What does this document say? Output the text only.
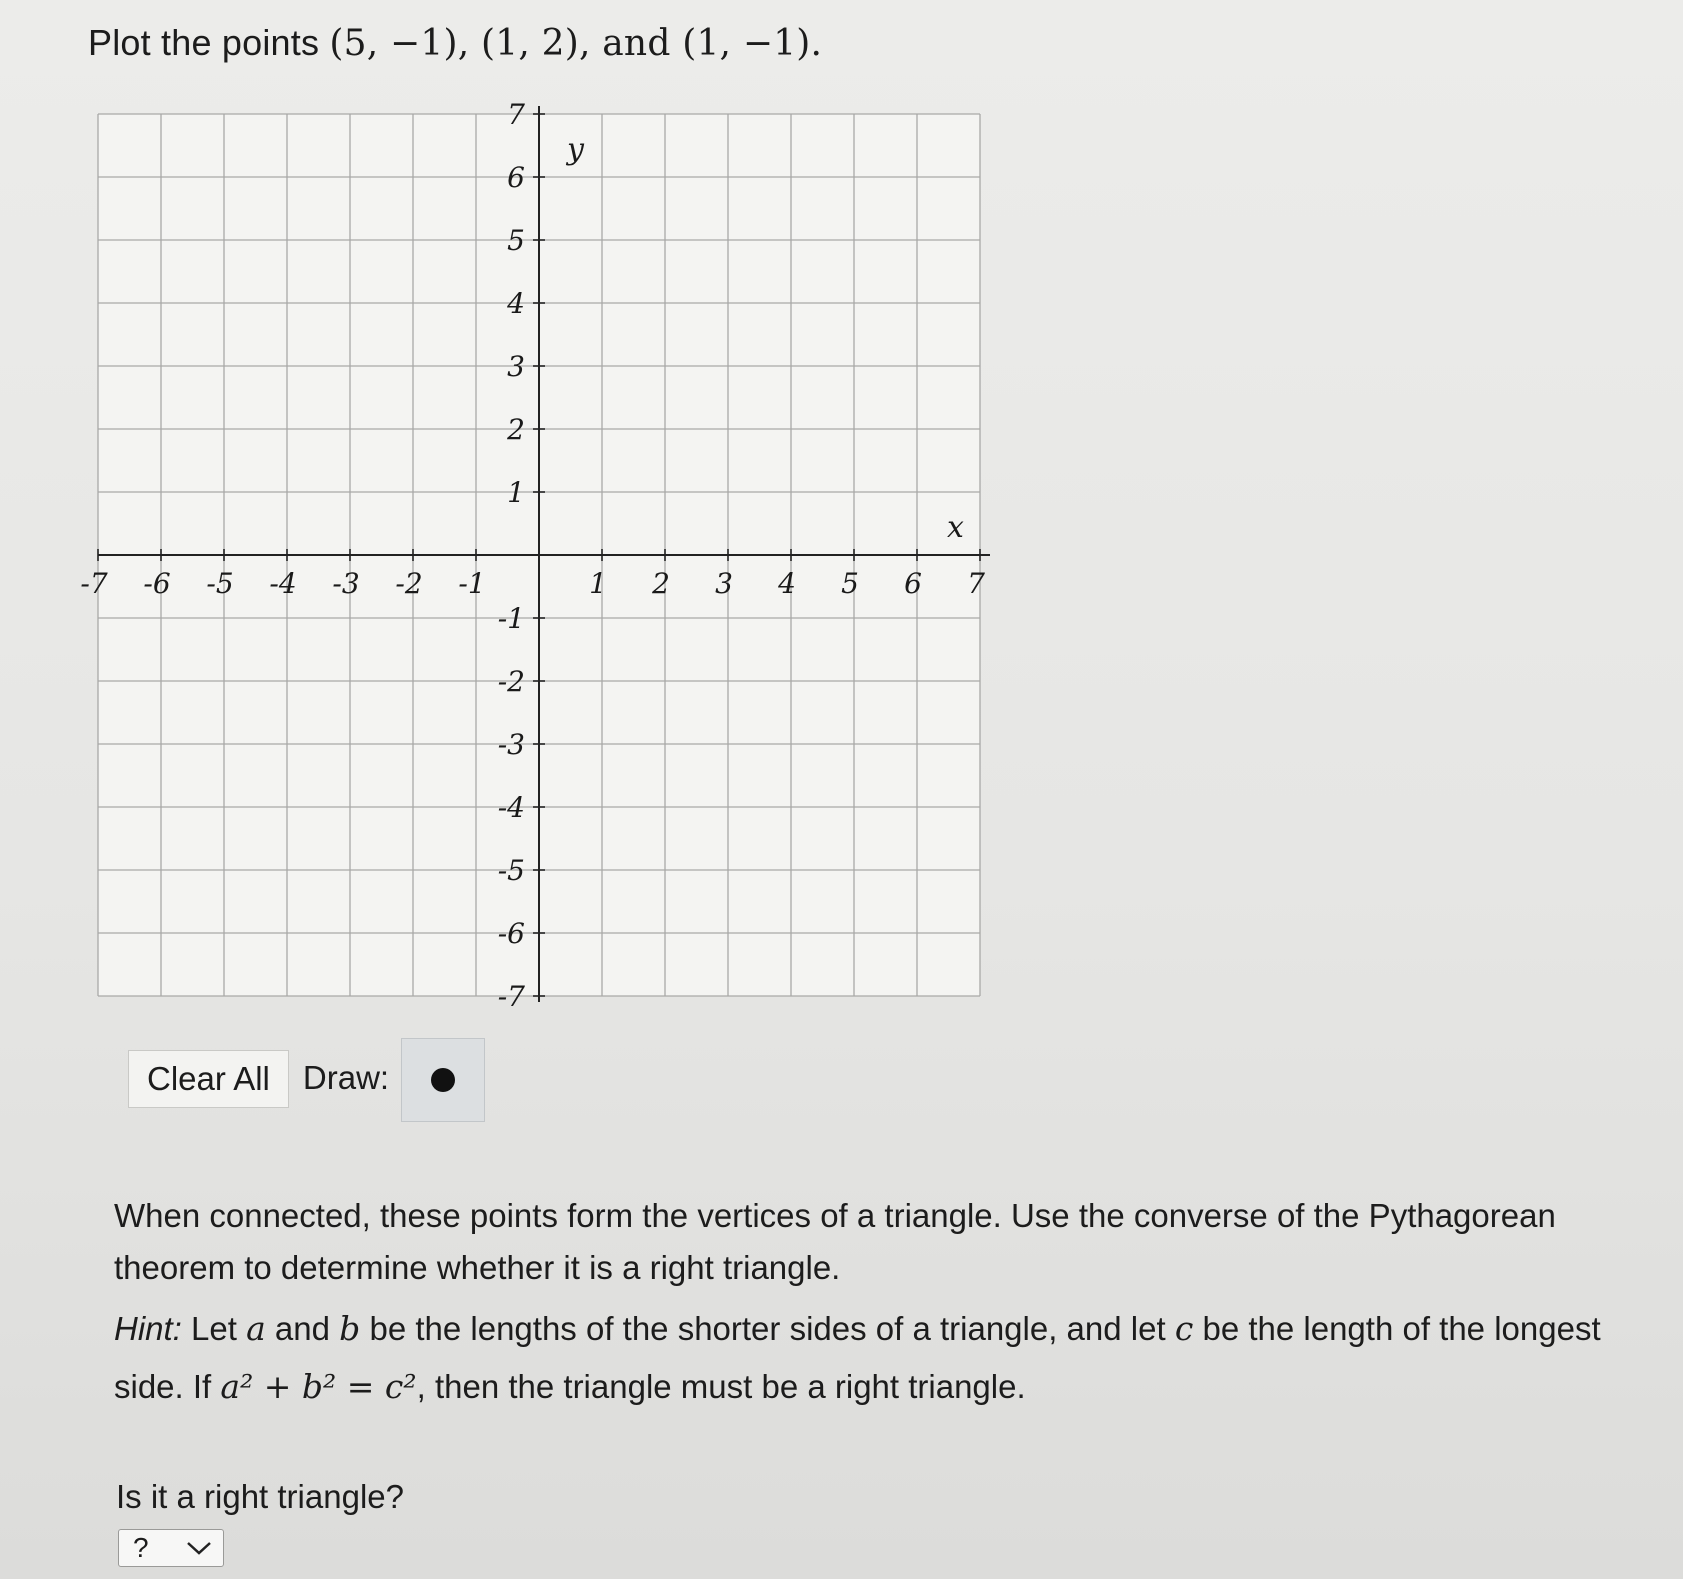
Plot the points (5, −1), (1, 2), and (1, −1).
-7 -6 -5 -4 -3 -2 -1	1 2 3 4 5 6 7
7
6
5
4
3
2
1
-1
-2
-3
-4
-5
-6
-7
y
x
Clear All	Draw:
When connected, these points form the vertices of a triangle. Use the converse of the Pythagorean theorem to determine whether it is a right triangle.
Hint: Let a and b be the lengths of the shorter sides of a triangle, and let c be the length of the longest side. If a² + b² = c², then the triangle must be a right triangle.
Is it a right triangle?
?
